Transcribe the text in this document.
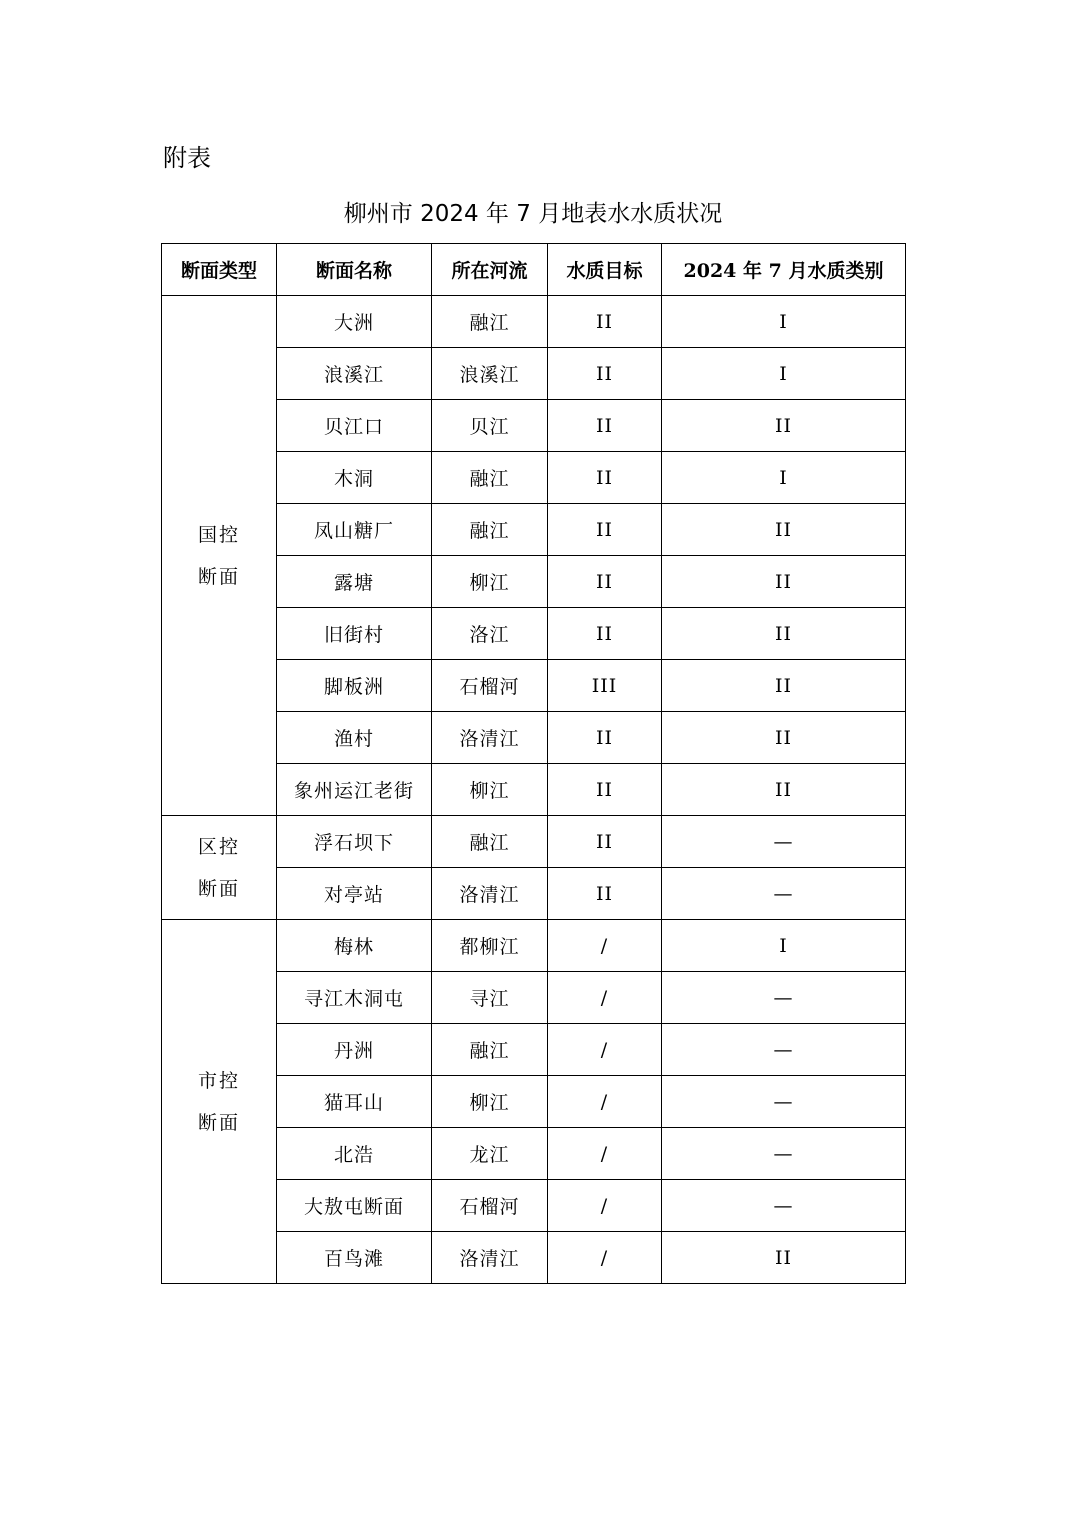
附表
柳州市 2024 年 7 月地表水水质状况
断面类型	断面名称	所在河流	水质目标	2024 年 7 月水质类别

国控
断面	大洲	融江	II	I
	浪溪江	浪溪江	II	I
	贝江口	贝江	II	II
	木洞	融江	II	I
	凤山糖厂	融江	II	II
	露塘	柳江	II	II
	旧街村	洛江	II	II
	脚板洲	石榴河	III	II
	渔村	洛清江	II	II
	象州运江老街	柳江	II	II

区控
断面	浮石坝下	融江	II	—
	对亭站	洛清江	II	—

市控
断面	梅林	都柳江	/	I
	寻江木洞屯	寻江	/	—
	丹洲	融江	/	—
	猫耳山	柳江	/	—
	北浩	龙江	/	—
	大敖屯断面	石榴河	/	—
	百鸟滩	洛清江	/	II
